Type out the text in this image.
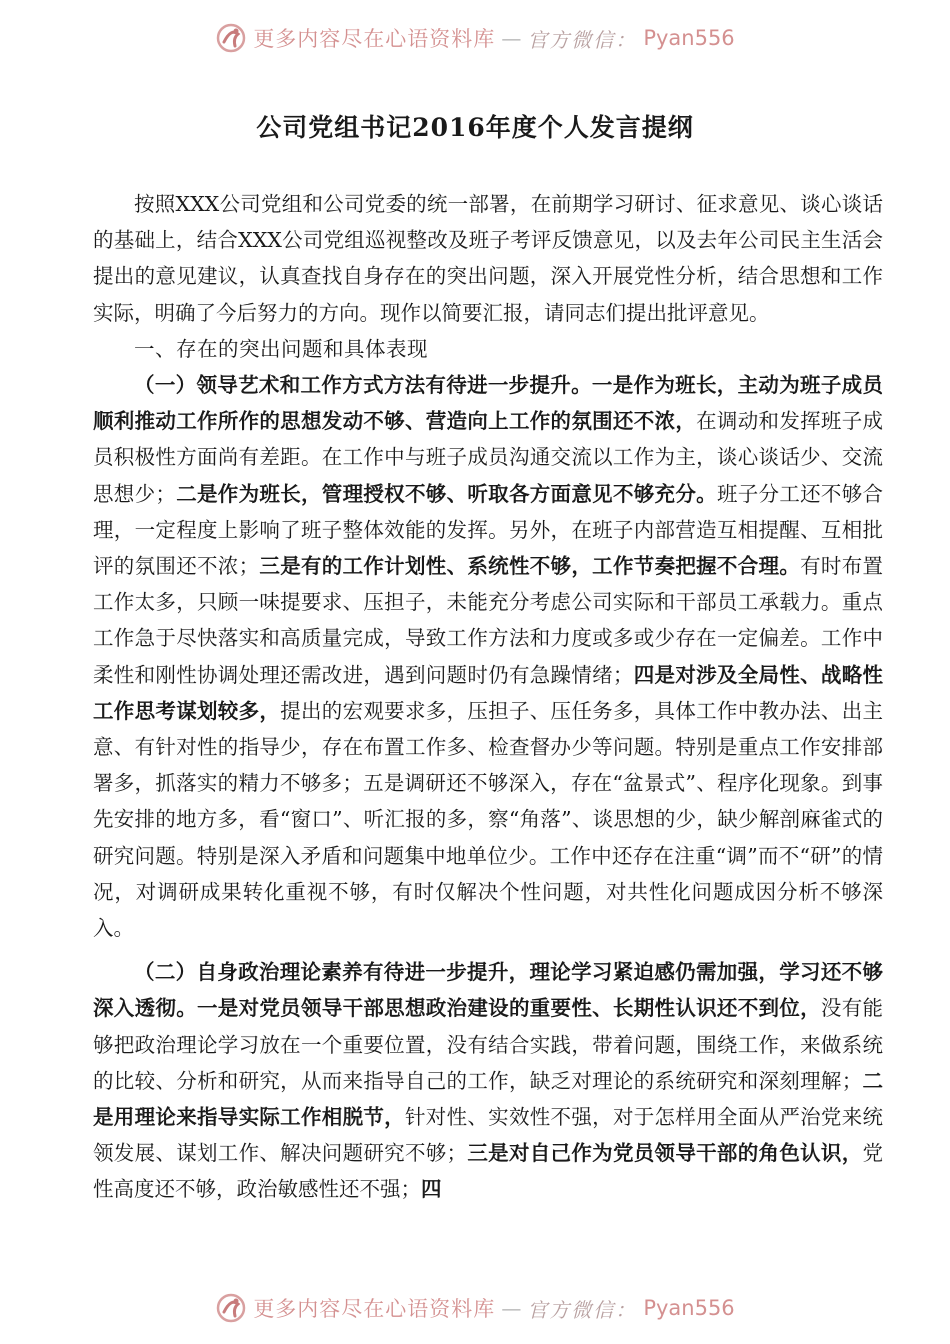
更多内容尽在心语资料库 — 官方微信： Pyan556
公司党组书记2016年度个人发言提纲

按照XXX公司党组和公司党委的统一部署，在前期学习研讨、征求意见、谈心谈话的基础上，结合XXX公司党组巡视整改及班子考评反馈意见，以及去年公司民主生活会提出的意见建议，认真查找自身存在的突出问题，深入开展党性分析，结合思想和工作实际，明确了今后努力的方向。现作以简要汇报，请同志们提出批评意见。

一、存在的突出问题和具体表现

（一）领导艺术和工作方式方法有待进一步提升。一是作为班长，主动为班子成员顺利推动工作所作的思想发动不够、营造向上工作的氛围还不浓，在调动和发挥班子成员积极性方面尚有差距。在工作中与班子成员沟通交流以工作为主，谈心谈话少、交流思想少；二是作为班长，管理授权不够、听取各方面意见不够充分。班子分工还不够合理，一定程度上影响了班子整体效能的发挥。另外，在班子内部营造互相提醒、互相批评的氛围还不浓；三是有的工作计划性、系统性不够，工作节奏把握不合理。有时布置工作太多，只顾一味提要求、压担子，未能充分考虑公司实际和干部员工承载力。重点工作急于尽快落实和高质量完成，导致工作方法和力度或多或少存在一定偏差。工作中柔性和刚性协调处理还需改进，遇到问题时仍有急躁情绪；四是对涉及全局性、战略性工作思考谋划较多，提出的宏观要求多，压担子、压任务多，具体工作中教办法、出主意、有针对性的指导少，存在布置工作多、检查督办少等问题。特别是重点工作安排部署多，抓落实的精力不够多；五是调研还不够深入，存在“盆景式”、程序化现象。到事先安排的地方多，看“窗口”、听汇报的多，察“角落”、谈思想的少，缺少解剖麻雀式的研究问题。特别是深入矛盾和问题集中地单位少。工作中还存在注重“调”而不“研”的情况，对调研成果转化重视不够，有时仅解决个性问题，对共性化问题成因分析不够深入。

（二）自身政治理论素养有待进一步提升，理论学习紧迫感仍需加强，学习还不够深入透彻。一是对党员领导干部思想政治建设的重要性、长期性认识还不到位，没有能够把政治理论学习放在一个重要位置，没有结合实践，带着问题，围绕工作，来做系统的比较、分析和研究，从而来指导自己的工作，缺乏对理论的系统研究和深刻理解；二是用理论来指导实际工作相脱节，针对性、实效性不强，对于怎样用全面从严治党来统领发展、谋划工作、解决问题研究不够；三是对自己作为党员领导干部的角色认识，党性高度还不够，政治敏感性还不强；四

更多内容尽在心语资料库 — 官方微信： Pyan556
